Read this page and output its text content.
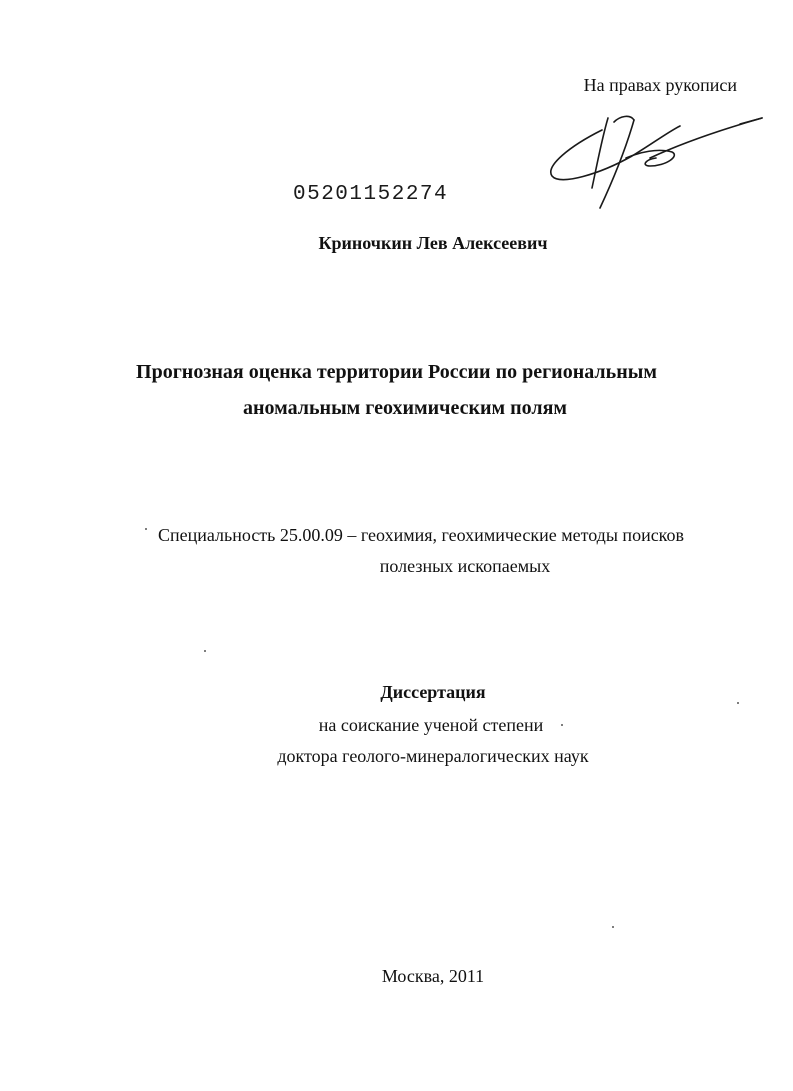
На правах рукописи
05201152274
Криночкин Лев Алексеевич
Прогнозная оценка территории России по региональным
аномальным геохимическим полям
Специальность 25.00.09 – геохимия, геохимические методы поисков
полезных ископаемых
Диссертация
на соискание ученой степени
доктора геолого-минералогических наук
Москва, 2011
